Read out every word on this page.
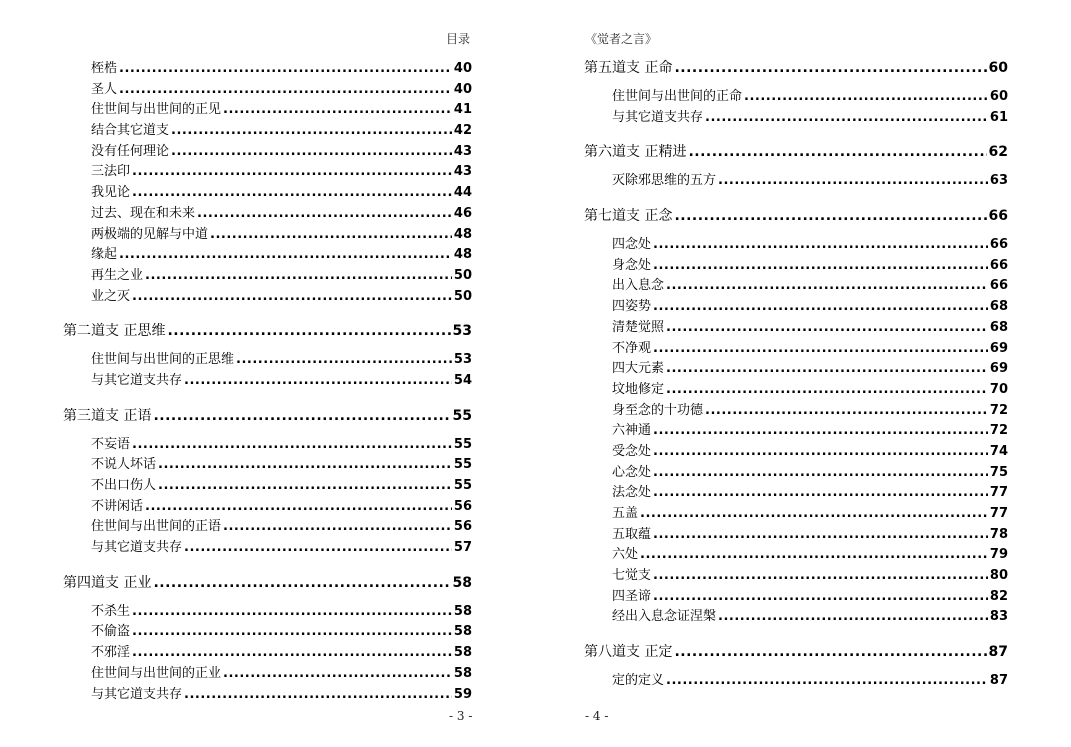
目录
桎梏 .....	40
圣人 .....	40
住世间与出世间的正见 .....	41
结合其它道支 .....	42
没有任何理论 .....	43
三法印 .....	43
我见论 .....	44
过去、现在和未来 .....	46
两极端的见解与中道 .....	48
缘起 .....	48
再生之业 .....	50
业之灭 .....	50
第二道支 正思维 .....	53
住世间与出世间的正思维 .....	53
与其它道支共存 .....	54
第三道支 正语 .....	55
不妄语 .....	55
不说人坏话 .....	55
不出口伤人 .....	55
不讲闲话 .....	56
住世间与出世间的正语 .....	56
与其它道支共存 .....	57
第四道支 正业 .....	58
不杀生 .....	58
不偷盗 .....	58
不邪淫 .....	58
住世间与出世间的正业 .....	58
与其它道支共存 .....	59
- 3 -
《觉者之言》
第五道支 正命 .....	60
住世间与出世间的正命 .....	60
与其它道支共存 .....	61
第六道支 正精进 .....	62
灭除邪思维的五方 .....	63
第七道支 正念 .....	66
四念处 .....	66
身念处 .....	66
出入息念 .....	66
四姿势 .....	68
清楚觉照 .....	68
不净观 .....	69
四大元素 .....	69
坟地修定 .....	70
身至念的十功德 .....	72
六神通 .....	72
受念处 .....	74
心念处 .....	75
法念处 .....	77
五盖 .....	77
五取蕴 .....	78
六处 .....	79
七觉支 .....	80
四圣谛 .....	82
经出入息念证涅槃 .....	83
第八道支 正定 .....	87
定的定义 .....	87
- 4 -
